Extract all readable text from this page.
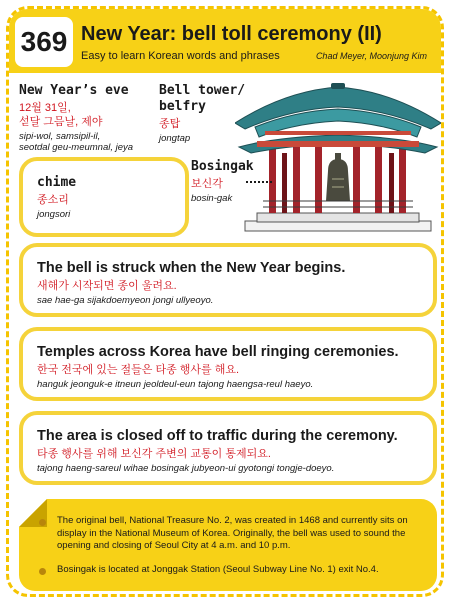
369 New Year: bell toll ceremony (II)
Easy to learn Korean words and phrases	Chad Meyer, Moonjung Kim
New Year’s eve
12월 31일,
섣달 그믐날, 제야
sipi-wol, samsipil-il,
seotdal geu-meumnal, jeya
Bell tower/
belfry
종탑
jongtap
Bosingak
보신각
bosin-gak
chime
종소리
jongsori
The bell is struck when the New Year begins.
새해가 시작되면 종이 울려요.
sae hae-ga sijakdoemyeon jongi ullyeoyo.
Temples across Korea have bell ringing ceremonies.
한국 전국에 있는 절들은 타종 행사를 해요.
hanguk jeonguk-e itneun jeoldeul-eun tajong haengsa-reul haeyo.
The area is closed off to traffic during the ceremony.
타종 행사를 위해 보신각 주변의 교통이 통제되요.
tajong haeng-sareul wihae bosingak jubyeon-ui gyotongi tongje-doeyo.
The original bell, National Treasure No. 2, was created in 1468 and currently sits on display in the National Museum of Korea. Originally, the bell was used to sound the opening and closing of Seoul City at 4 a.m. and 10 p.m.
Bosingak is located at Jonggak Station (Seoul Subway Line No. 1) exit No.4.
